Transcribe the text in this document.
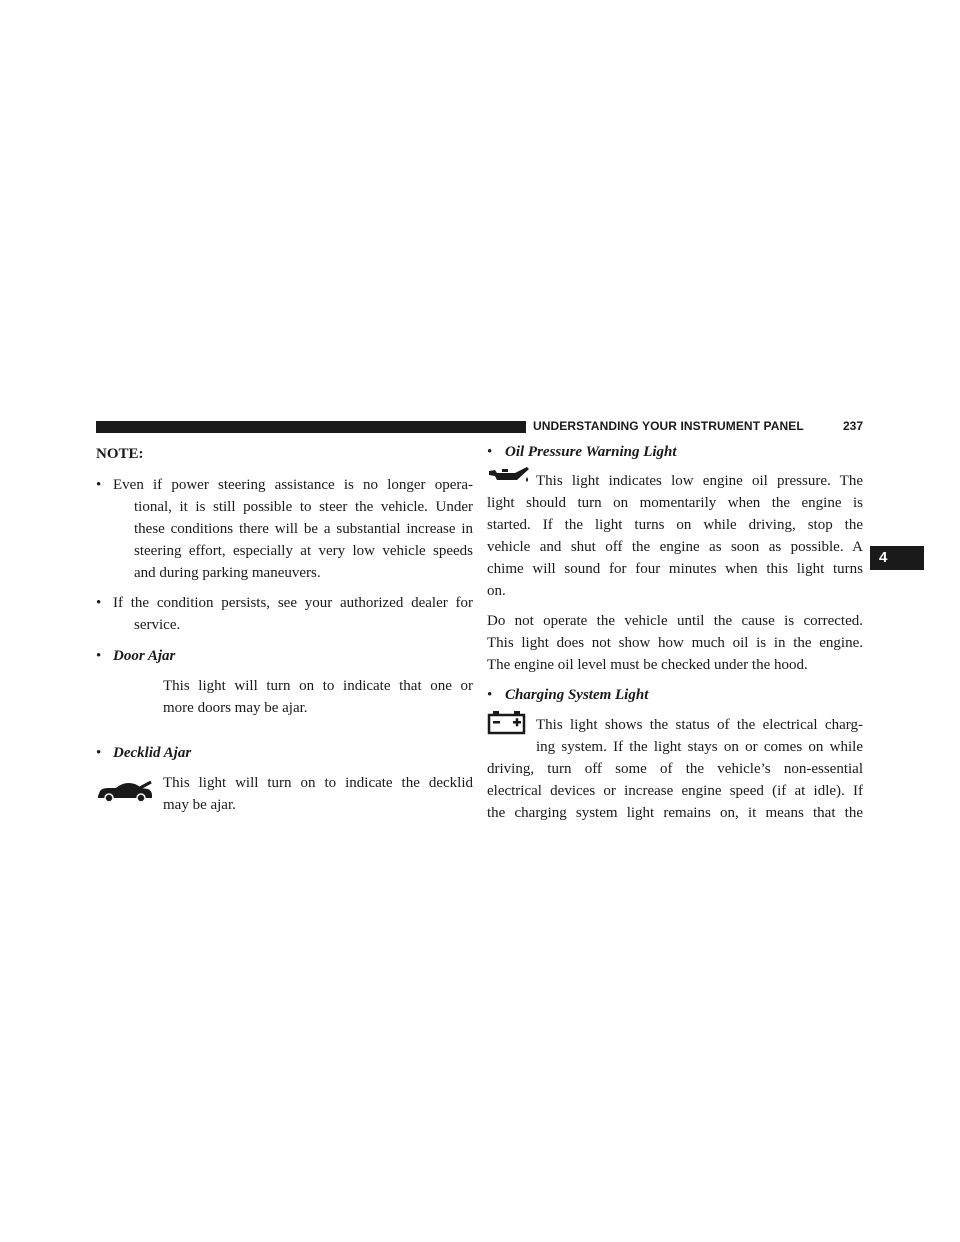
UNDERSTANDING YOUR INSTRUMENT PANEL	237
4
NOTE:
• Even if power steering assistance is no longer opera-
tional, it is still possible to steer the vehicle. Under
these conditions there will be a substantial increase in
steering effort, especially at very low vehicle speeds
and during parking maneuvers.
• If the condition persists, see your authorized dealer for
service.
• Door Ajar
This light will turn on to indicate that one or
more doors may be ajar.
• Decklid Ajar
This light will turn on to indicate the decklid
may be ajar.
• Oil Pressure Warning Light
This light indicates low engine oil pressure. The
light should turn on momentarily when the engine is
started. If the light turns on while driving, stop the
vehicle and shut off the engine as soon as possible. A
chime will sound for four minutes when this light turns
on.
Do not operate the vehicle until the cause is corrected.
This light does not show how much oil is in the engine.
The engine oil level must be checked under the hood.
• Charging System Light
This light shows the status of the electrical charg-
ing system. If the light stays on or comes on while
driving, turn off some of the vehicle’s non-essential
electrical devices or increase engine speed (if at idle). If
the charging system light remains on, it means that the
